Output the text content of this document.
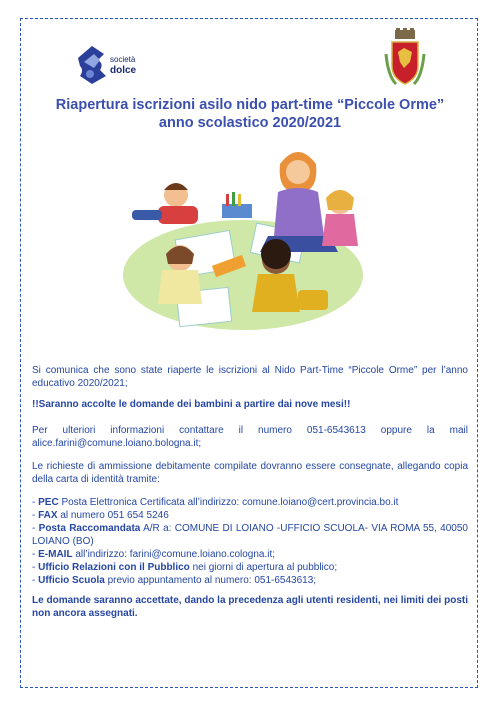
società
dolce
Riapertura iscrizioni asilo nido part-time “Piccole Orme”
anno scolastico 2020/2021

Si comunica che sono state riaperte le iscrizioni al Nido Part-Time “Piccole Orme” per l’anno educativo 2020/2021;

!!Saranno accolte le domande dei bambini a partire dai nove mesi!!

Per ulteriori informazioni contattare il numero 051-6543613 oppure la mail alice.farini@comune.loiano.bologna.it;

Le richieste di ammissione debitamente compilate dovranno essere consegnate, allegando copia della carta di identità tramite:

- PEC Posta Elettronica Certificata all’indirizzo: comune.loiano@cert.provincia.bo.it
- FAX al numero 051 654 5246
- Posta Raccomandata A/R a: COMUNE DI LOIANO -UFFICIO SCUOLA- VIA ROMA 55, 40050 LOIANO (BO)
- E-MAIL all’indirizzo: farini@comune.loiano.cologna.it;
- Ufficio Relazioni con il Pubblico nei giorni di apertura al pubblico;
- Ufficio Scuola previo appuntamento al numero: 051-6543613;

Le domande saranno accettate, dando la precedenza agli utenti residenti, nei limiti dei posti non ancora assegnati.
